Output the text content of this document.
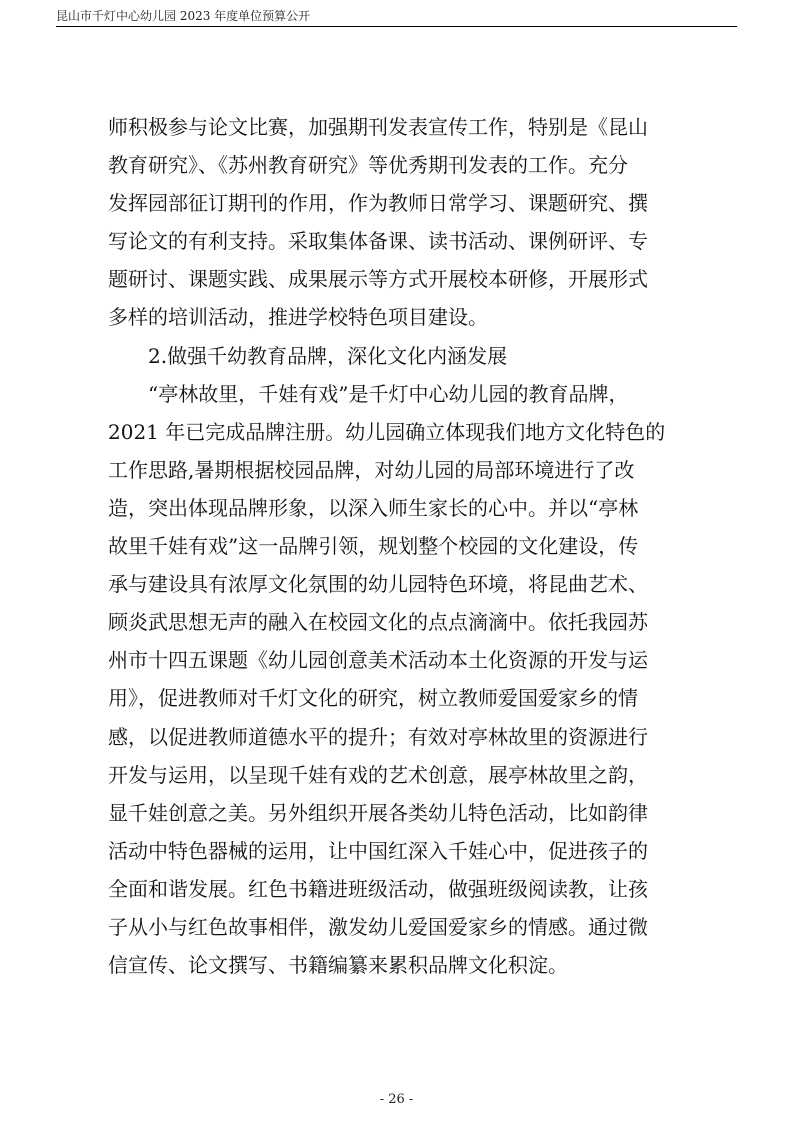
昆山市千灯中心幼儿园 2023 年度单位预算公开
师积极参与论文比赛，加强期刊发表宣传工作，特别是《昆山
教育研究》、《苏州教育研究》等优秀期刊发表的工作。充分
发挥园部征订期刊的作用，作为教师日常学习、课题研究、撰
写论文的有利支持。采取集体备课、读书活动、课例研评、专
题研讨、课题实践、成果展示等方式开展校本研修，开展形式
多样的培训活动，推进学校特色项目建设。
2.做强千幼教育品牌，深化文化内涵发展
“亭林故里，千娃有戏”是千灯中心幼儿园的教育品牌，
2021 年已完成品牌注册。幼儿园确立体现我们地方文化特色的
工作思路,暑期根据校园品牌，对幼儿园的局部环境进行了改
造，突出体现品牌形象，以深入师生家长的心中。并以“亭林
故里千娃有戏”这一品牌引领，规划整个校园的文化建设，传
承与建设具有浓厚文化氛围的幼儿园特色环境，将昆曲艺术、
顾炎武思想无声的融入在校园文化的点点滴滴中。依托我园苏
州市十四五课题《幼儿园创意美术活动本土化资源的开发与运
用》，促进教师对千灯文化的研究，树立教师爱国爱家乡的情
感，以促进教师道德水平的提升；有效对亭林故里的资源进行
开发与运用，以呈现千娃有戏的艺术创意，展亭林故里之韵，
显千娃创意之美。另外组织开展各类幼儿特色活动，比如韵律
活动中特色器械的运用，让中国红深入千娃心中，促进孩子的
全面和谐发展。红色书籍进班级活动，做强班级阅读教，让孩
子从小与红色故事相伴，激发幼儿爱国爱家乡的情感。通过微
信宣传、论文撰写、书籍编纂来累积品牌文化积淀。
- 26 -
